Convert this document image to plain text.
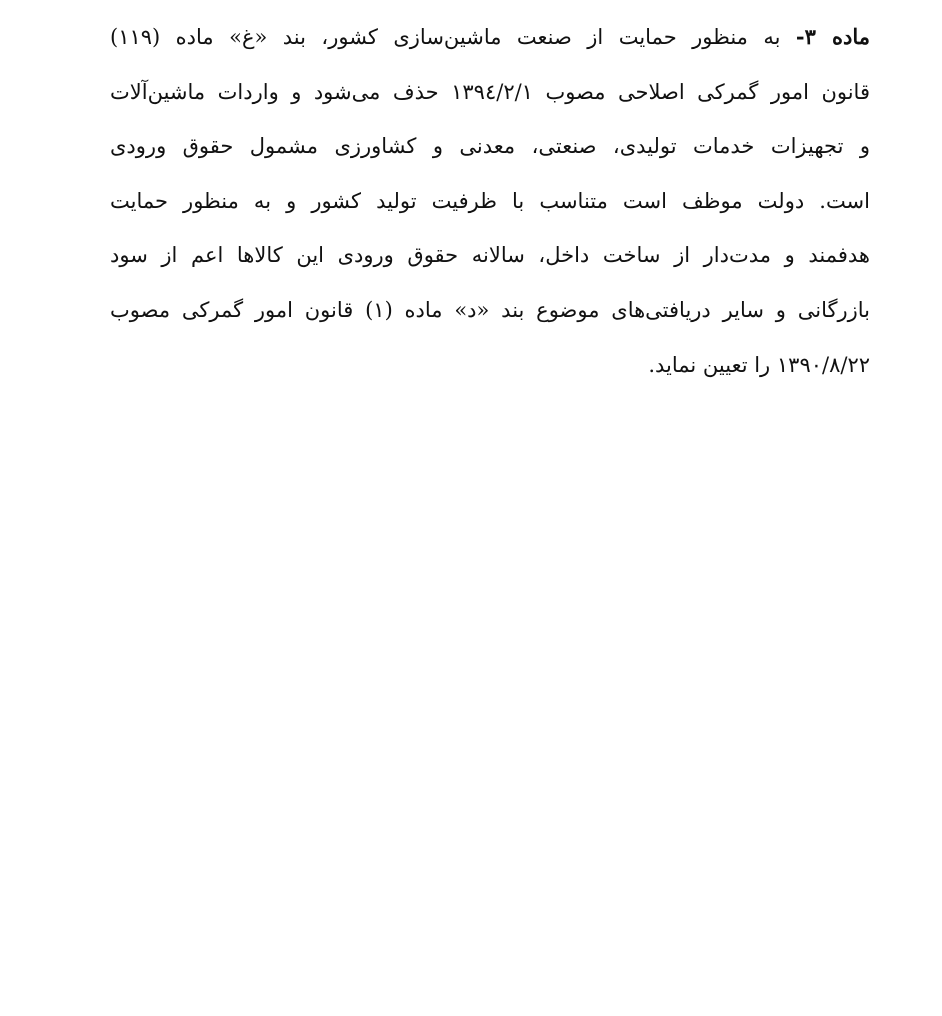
ماده ۳- به منظور حمایت از صنعت ماشین‌سازی کشور، بند «غ» ماده (۱۱۹)
قانون امور گمرکی اصلاحی مصوب ۱۳۹٤/۲/۱ حذف می‌شود و واردات ماشین‌آلات
و تجهیزات خدمات تولیدی، صنعتی، معدنی و کشاورزی مشمول حقوق ورودی
است. دولت موظف است متناسب با ظرفیت تولید کشور و به منظور حمایت
هدفمند و مدت‌دار از ساخت داخل، سالانه حقوق ورودی این کالاها اعم از سود
بازرگانی و سایر دریافتی‌های موضوع بند «د» ماده (۱) قانون امور گمرکی مصوب
۱۳۹۰/۸/۲۲ را تعیین نماید.
